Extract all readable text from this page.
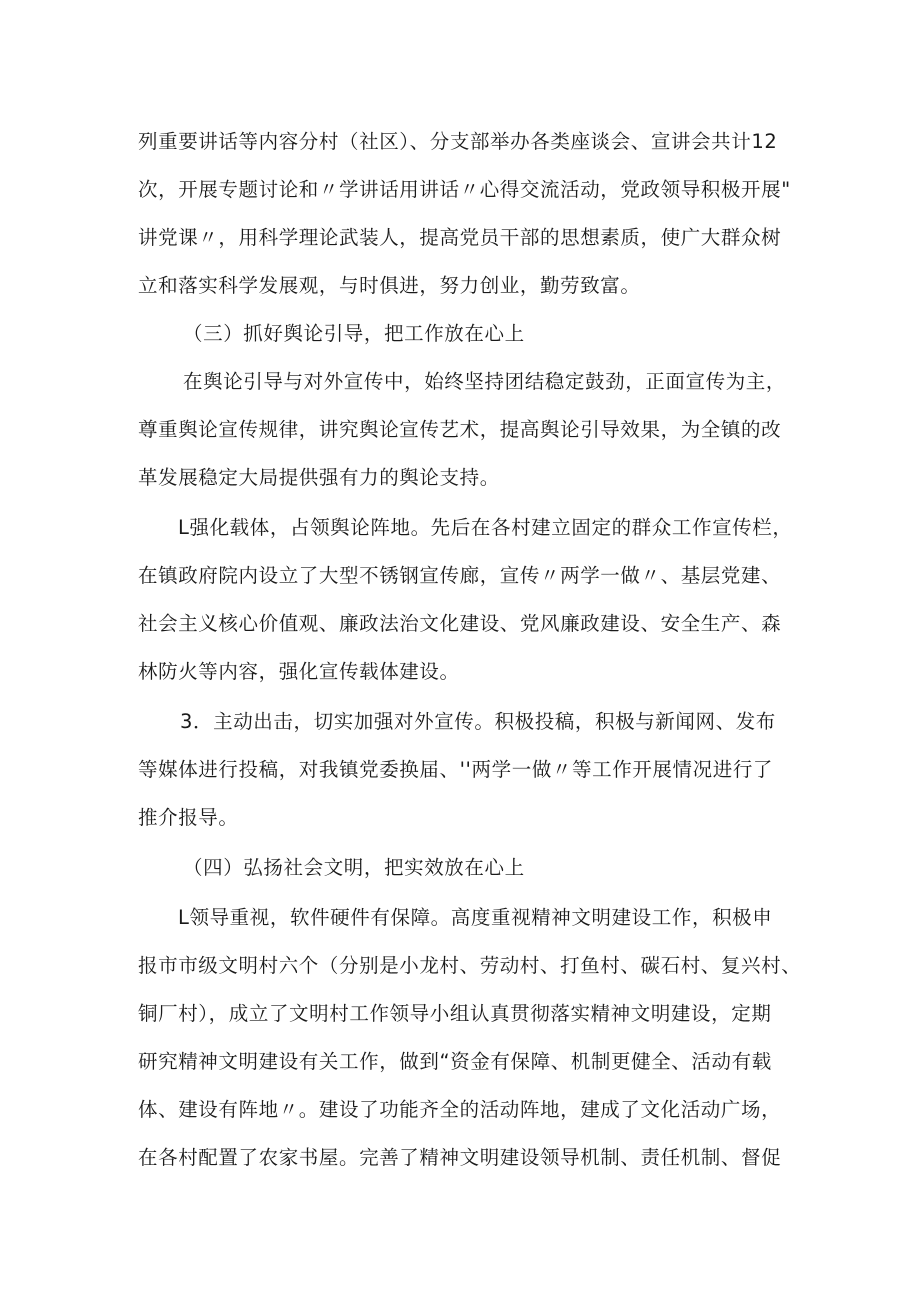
列重要讲话等内容分村（社区）、分支部举办各类座谈会、宣讲会共计12
次，开展专题讨论和〃学讲话用讲话〃心得交流活动，党政领导积极开展"
讲党课〃，用科学理论武装人，提高党员干部的思想素质，使广大群众树
立和落实科学发展观，与时俱进，努力创业，勤劳致富。
（三）抓好舆论引导，把工作放在心上
在舆论引导与对外宣传中，始终坚持团结稳定鼓劲，正面宣传为主，
尊重舆论宣传规律，讲究舆论宣传艺术，提高舆论引导效果，为全镇的改
革发展稳定大局提供强有力的舆论支持。
L强化载体，占领舆论阵地。先后在各村建立固定的群众工作宣传栏，
在镇政府院内设立了大型不锈钢宣传廊，宣传〃两学一做〃、基层党建、
社会主义核心价值观、廉政法治文化建设、党风廉政建设、安全生产、森
林防火等内容，强化宣传载体建设。
3．主动出击，切实加强对外宣传。积极投稿，积极与新闻网、发布
等媒体进行投稿，对我镇党委换届、''两学一做〃等工作开展情况进行了
推介报导。
（四）弘扬社会文明，把实效放在心上
L领导重视，软件硬件有保障。高度重视精神文明建设工作，积极申
报市市级文明村六个（分别是小龙村、劳动村、打鱼村、碳石村、复兴村、
铜厂村），成立了文明村工作领导小组认真贯彻落实精神文明建设，定期
研究精神文明建设有关工作，做到“资金有保障、机制更健全、活动有载
体、建设有阵地〃。建设了功能齐全的活动阵地，建成了文化活动广场，
在各村配置了农家书屋。完善了精神文明建设领导机制、责任机制、督促
